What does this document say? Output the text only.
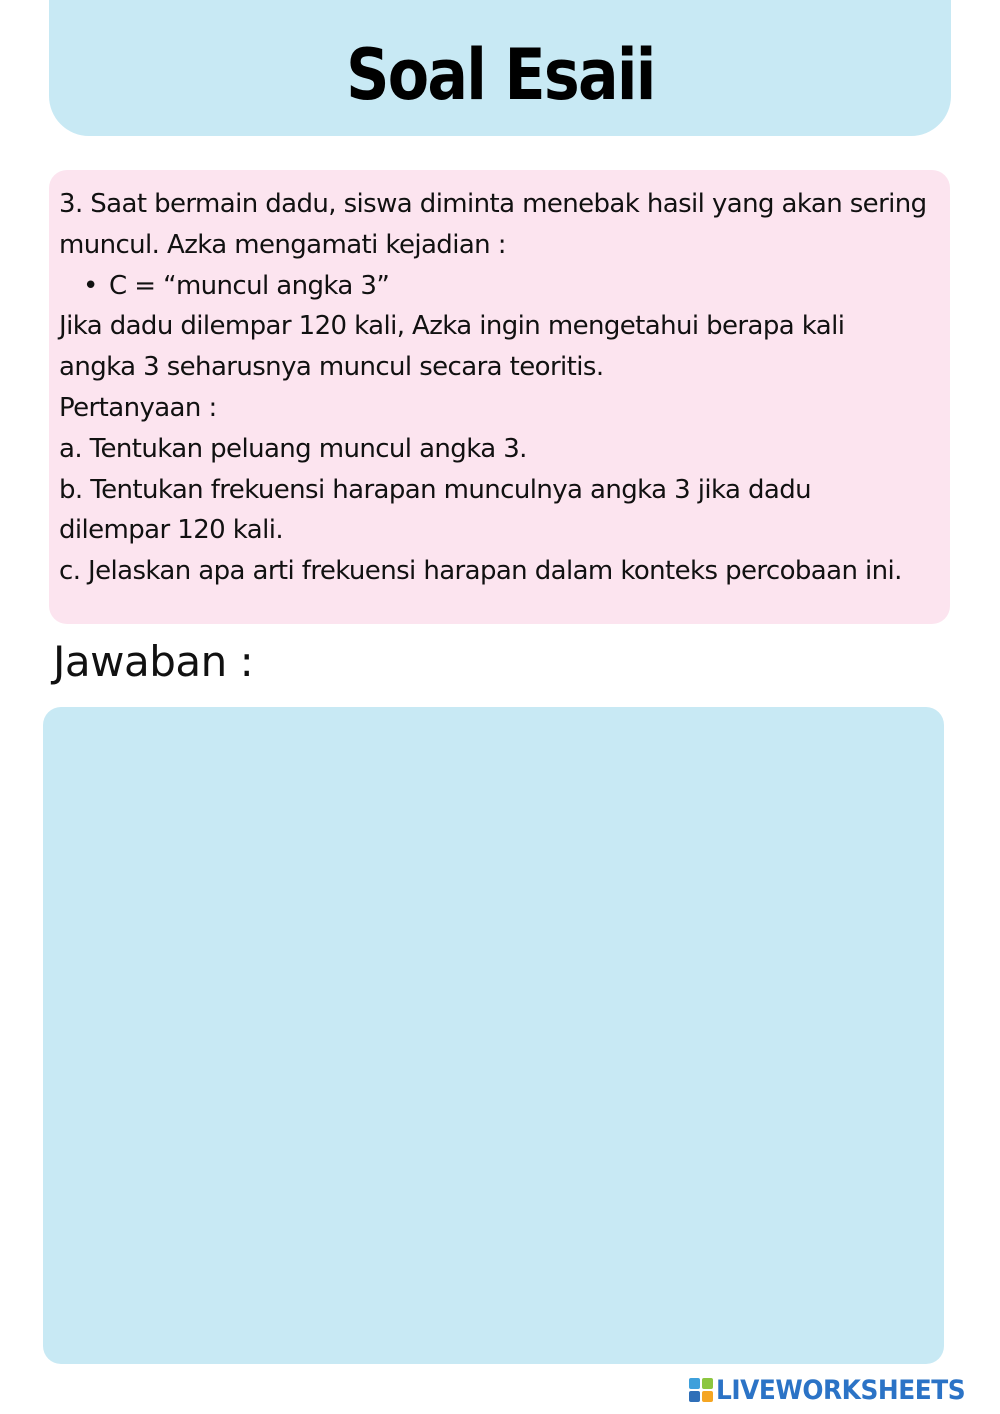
Soal Esaii
3. Saat bermain dadu, siswa diminta menebak hasil yang akan sering
muncul. Azka mengamati kejadian :
• C = “muncul angka 3”
Jika dadu dilempar 120 kali, Azka ingin mengetahui berapa kali
angka 3 seharusnya muncul secara teoritis.
Pertanyaan :
a. Tentukan peluang muncul angka 3.
b. Tentukan frekuensi harapan munculnya angka 3 jika dadu
dilempar 120 kali.
c. Jelaskan apa arti frekuensi harapan dalam konteks percobaan ini.
Jawaban :
LIVEWORKSHEETS
